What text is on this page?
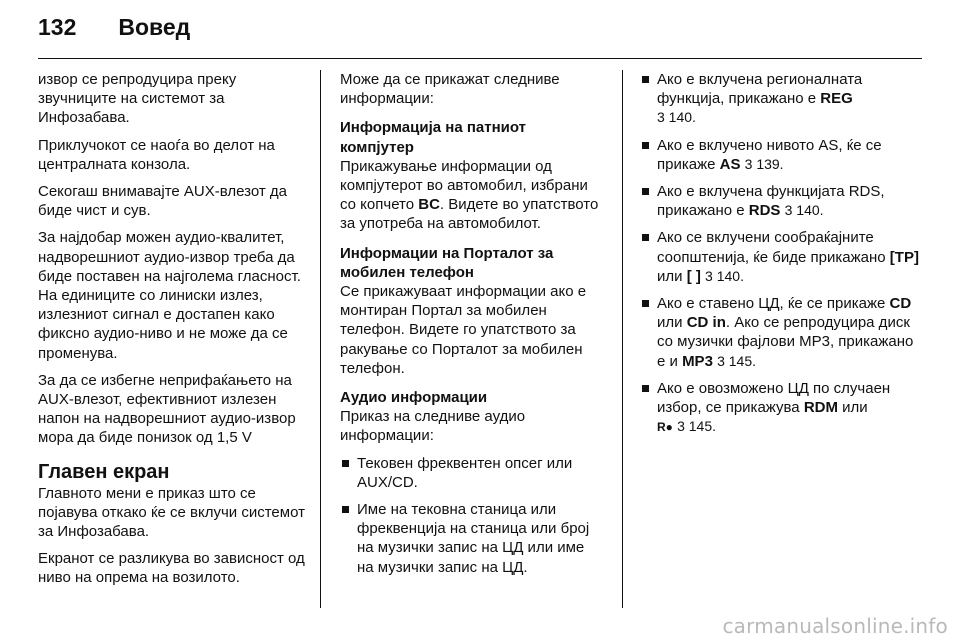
132 Вовед

извор се репродуцира преку звучниците на системот за Инфозабава.

Приклучокот се наоѓа во делот на централната конзола.

Секогаш внимавајте AUX-влезот да биде чист и сув.

За најдобар можен аудио-квалитет, надворешниот аудио-извор треба да биде поставен на најголема гласност. На единиците со линиски излез, излезниот сигнал е достапен како фиксно аудио-ниво и не може да се променува.

За да се избегне неприфаќањето на AUX-влезот, ефективниот излезен напон на надворешниот аудио-извор мора да биде понизок од 1,5 V

Главен екран

Главното мени е приказ што се појавува откако ќе се вклучи системот за Инфозабава.

Екранот се разликува во зависност од ниво на опрема на возилото.

Може да се прикажат следниве информации:

Информација на патниот компјутер

Прикажување информации од компјутерот во автомобил, избрани со копчето BC. Видете во упатството за употреба на автомобилот.

Информации на Порталот за мобилен телефон

Се прикажуваат информации ако е монтиран Портал за мобилен телефон. Видете го упатството за ракување со Порталот за мобилен телефон.

Аудио информации

Приказ на следниве аудио информации:

Тековен фреквентен опсег или AUX/CD.
Име на тековна станица или фреквенција на станица или број на музички запис на ЦД или име на музички запис на ЦД.
Ако е вклучена регионалната функција, прикажано е REG
3 140.
Ако е вклучено нивото AS, ќе се прикаже AS 3 139.
Ако е вклучена функцијата RDS, прикажано е RDS 3 140.
Ако се вклучени сообраќајните соопштенија, ќе биде прикажано [TP] или [ ] 3 140.
Ако е ставено ЦД, ќе се прикаже CD или CD in. Ако се репродуцира диск со музички фајлови MP3, прикажано е и MP3 3 145.
Ако е овозможено ЦД по случаен избор, се прикажува RDM или
R● 3 145.
carmanualsonline.info
